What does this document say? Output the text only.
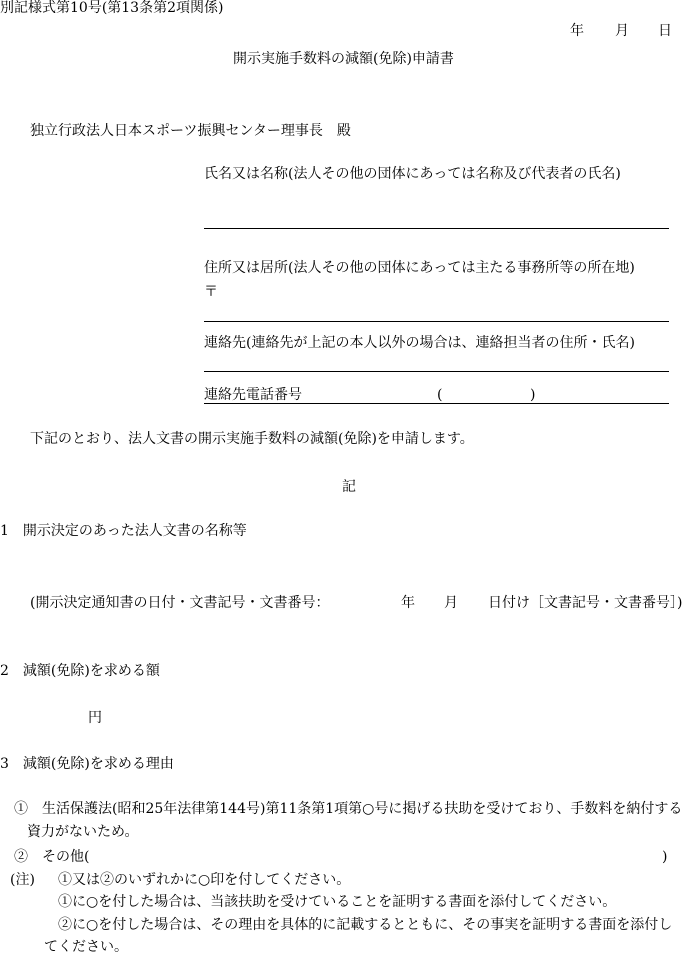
別記様式第10号(第13条第2項関係)
年 月 日
開示実施手数料の減額(免除)申請書
独立行政法人日本スポーツ振興センター理事長　殿
氏名又は名称(法人その他の団体にあっては名称及び代表者の氏名)
住所又は居所(法人その他の団体にあっては主たる事務所等の所在地)
〒
連絡先(連絡先が上記の本人以外の場合は、連絡担当者の住所・氏名)
連絡先電話番号	(	)
下記のとおり、法人文書の開示実施手数料の減額(免除)を申請します。
記
1　開示決定のあった法人文書の名称等
(開示決定通知書の日付・文書記号・文書番号：	年 月 日付け［文書記号・文書番号］)
2　減額(免除)を求める額
円
3　減額(免除)を求める理由
①　生活保護法(昭和25年法律第144号)第11条第1項第○号に掲げる扶助を受けており、手数料を納付する
資力がないため。
②　その他(	)
(注) ①又は②のいずれかに○印を付してください。
①に○を付した場合は、当該扶助を受けていることを証明する書面を添付してください。
②に○を付した場合は、その理由を具体的に記載するとともに、その事実を証明する書面を添付し
てください。
